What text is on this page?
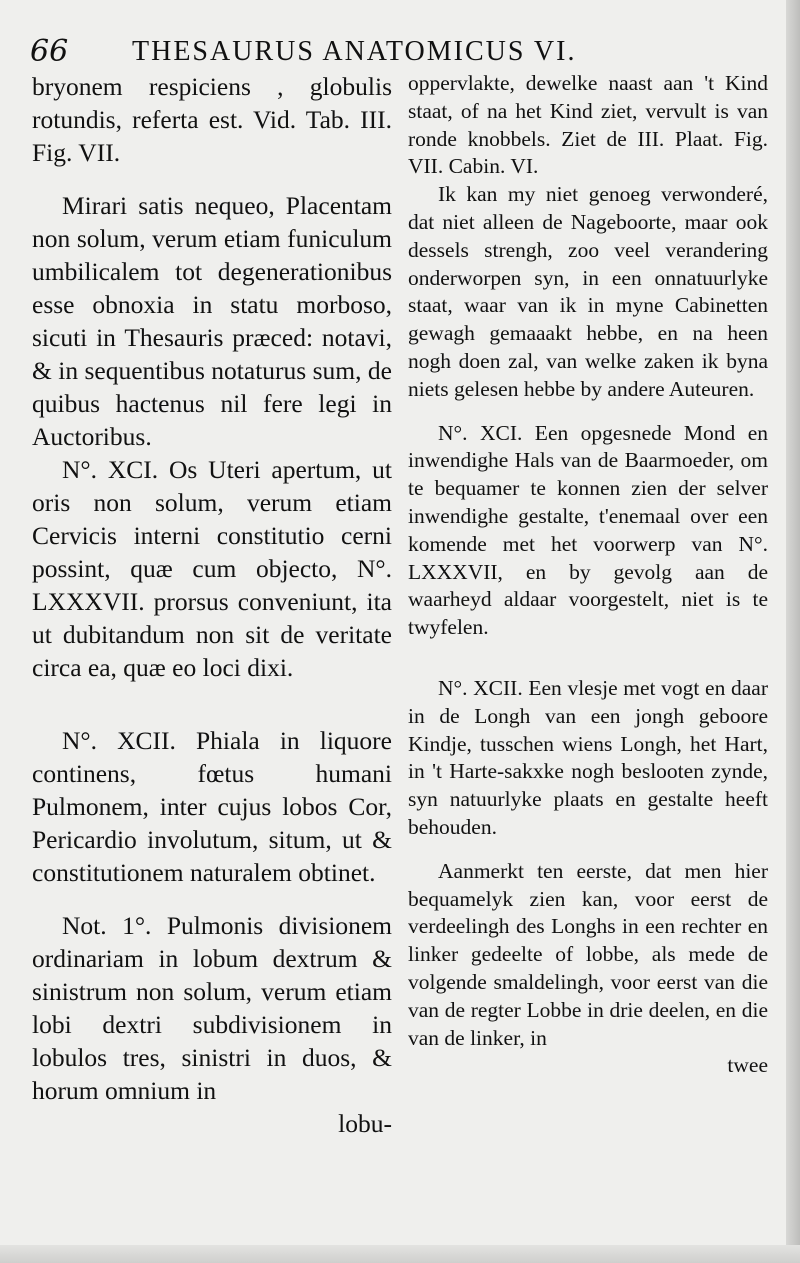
66 THESAURUS ANATOMICUS VI.

bryonem respiciens , globulis rotundis, referta est. Vid. Tab. III. Fig. VII.

Mirari satis nequeo, Placentam non solum, verum etiam funiculum umbilicalem tot degenerationibus esse obnoxia in statu morboso, sicuti in Thesauris præced: notavi, & in sequentibus notaturus sum, de quibus hactenus nil fere legi in Auctoribus.

N°. XCI. Os Uteri apertum, ut oris non solum, verum etiam Cervicis interni constitutio cerni possint, quæ cum objecto, N°. LXXXVII. prorsus conveniunt, ita ut dubitandum non sit de veritate circa ea, quæ eo loci dixi.

N°. XCII. Phiala in liquore continens, fœtus humani Pulmonem, inter cujus lobos Cor, Pericardio involutum, situm, ut & constitutionem naturalem obtinet.

Not. 1°. Pulmonis divisionem ordinariam in lobum dextrum & sinistrum non solum, verum etiam lobi dextri subdivisionem in lobulos tres, sinistri in duos, & horum omnium in

lobu-

oppervlakte, dewelke naast aan 't Kind staat, of na het Kind ziet, vervult is van ronde knobbels. Ziet de III. Plaat. Fig. VII. Cabin. VI.

Ik kan my niet genoeg verwonderé, dat niet alleen de Nageboorte, maar ook dessels strengh, zoo veel verandering onderworpen syn, in een onnatuurlyke staat, waar van ik in myne Cabinetten gewagh gemaaakt hebbe, en na heen nogh doen zal, van welke zaken ik byna niets gelesen hebbe by andere Auteuren.

N°. XCI. Een opgesnede Mond en inwendighe Hals van de Baarmoeder, om te bequamer te konnen zien der selver inwendighe gestalte, t'enemaal over een komende met het voorwerp van N°. LXXXVII, en by gevolg aan de waarheyd aldaar voorgestelt, niet is te twyfelen.

N°. XCII. Een vlesje met vogt en daar in de Longh van een jongh geboore Kindje, tusschen wiens Longh, het Hart, in 't Harte-sakxke nogh beslooten zynde, syn natuurlyke plaats en gestalte heeft behouden.

Aanmerkt ten eerste, dat men hier bequamelyk zien kan, voor eerst de verdeelingh des Longhs in een rechter en linker gedeelte of lobbe, als mede de volgende smaldelingh, voor eerst van die van de regter Lobbe in drie deelen, en die van de linker, in

twee
